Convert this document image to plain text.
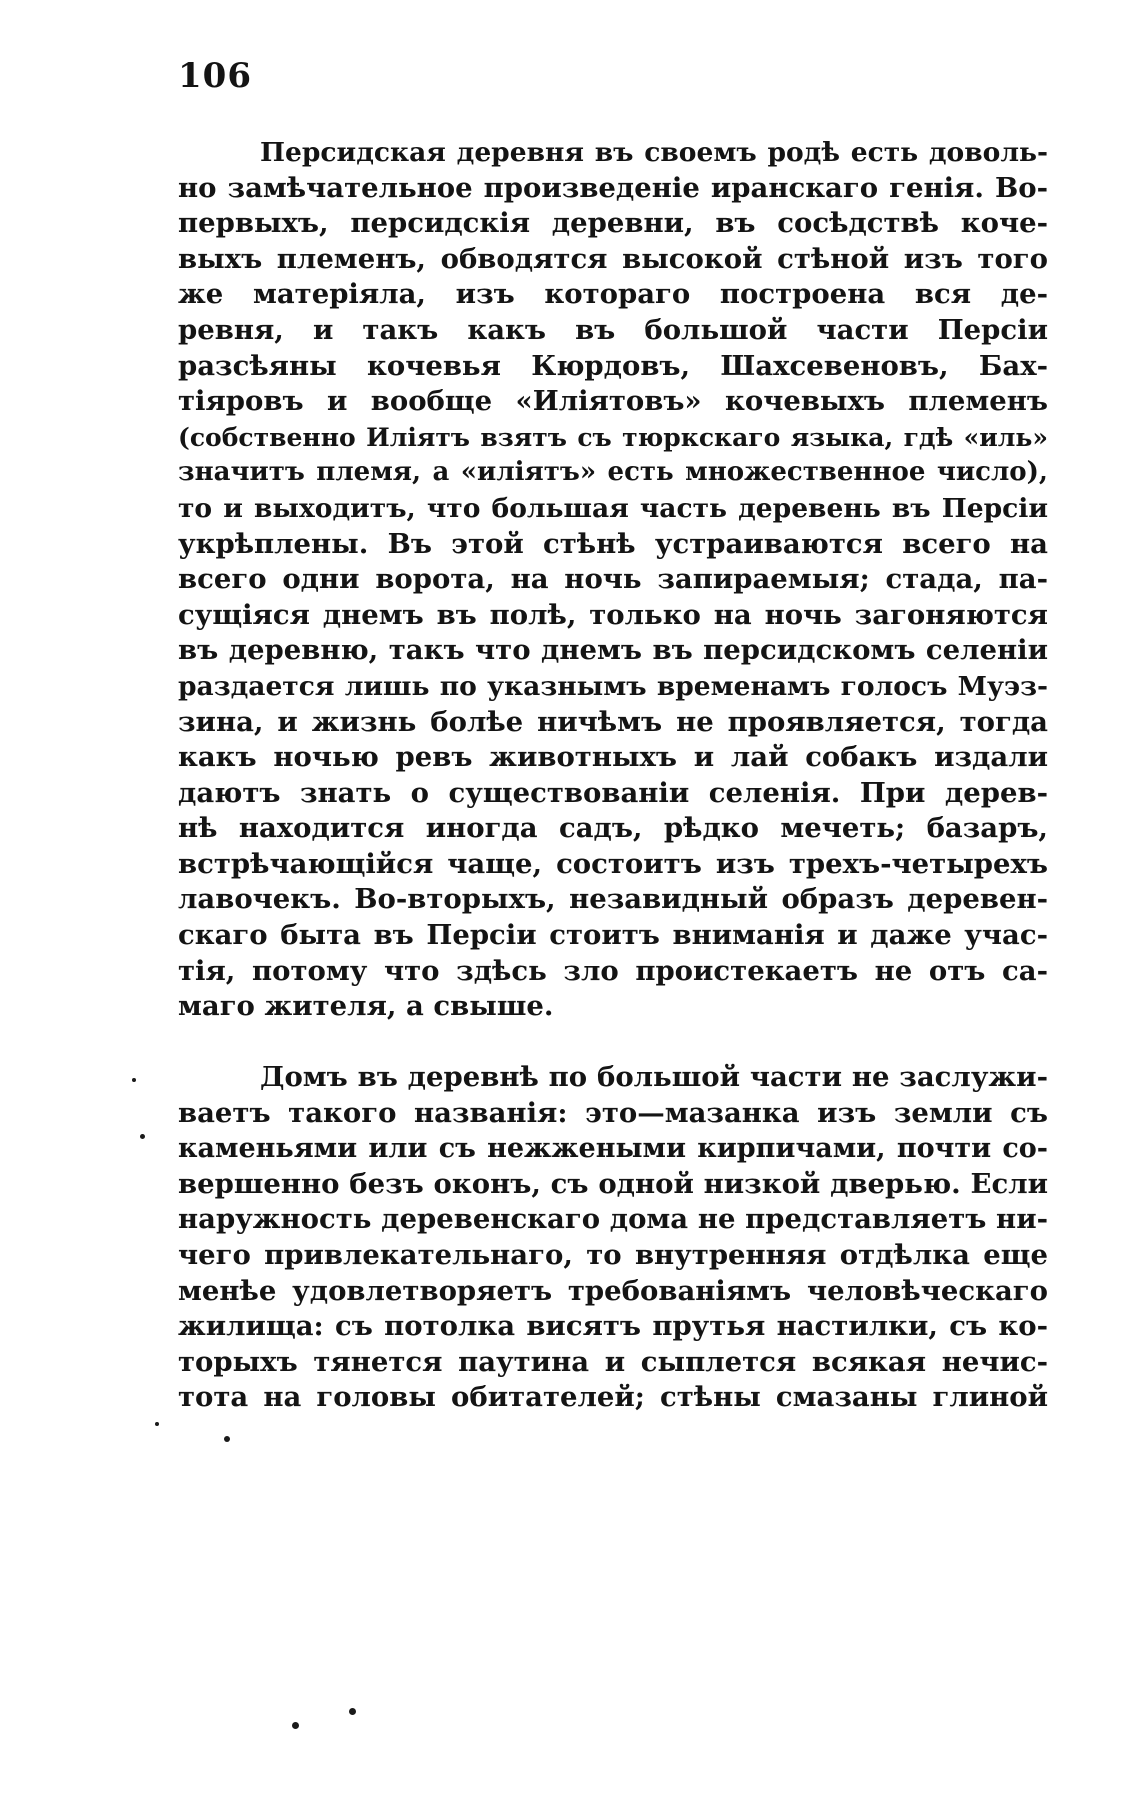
106
Персидская деревня въ своемъ родѣ есть доволь-
но замѣчательное произведеніе иранскаго генія. Во-
первыхъ, персидскія деревни, въ сосѣдствѣ коче-
выхъ племенъ, обводятся высокой стѣной изъ того
же матеріяла, изъ котораго построена вся де-
ревня, и такъ какъ въ большой части Персіи
разсѣяны кочевья Кюрдовъ, Шахсевеновъ, Бах-
тіяровъ и вообще «Иліятовъ» кочевыхъ племенъ
(собственно Иліятъ взятъ съ тюркскаго языка, гдѣ «иль»
значитъ племя, а «иліятъ» есть множественное число),
то и выходитъ, что большая часть деревень въ Персіи
укрѣплены. Въ этой стѣнѣ устраиваются всего на
всего одни ворота, на ночь запираемыя; стада, па-
сущіяся днемъ въ полѣ, только на ночь загоняются
въ деревню, такъ что днемъ въ персидскомъ селеніи
раздается лишь по указнымъ временамъ голосъ Муэз-
зина, и жизнь болѣе ничѣмъ не проявляется, тогда
какъ ночью ревъ животныхъ и лай собакъ издали
даютъ знать о существованіи селенія. При дерев-
нѣ находится иногда садъ, рѣдко мечеть; базаръ,
встрѣчающійся чаще, состоитъ изъ трехъ-четырехъ
лавочекъ. Во-вторыхъ, незавидный образъ деревен-
скаго быта въ Персіи стоитъ вниманія и даже учас-
тія, потому что здѣсь зло проистекаетъ не отъ са-
маго жителя, а свыше.
Домъ въ деревнѣ по большой части не заслужи-
ваетъ такого названія: это—мазанка изъ земли съ
каменьями или съ нежжеными кирпичами, почти со-
вершенно безъ оконъ, съ одной низкой дверью. Если
наружность деревенскаго дома не представляетъ ни-
чего привлекательнаго, то внутренняя отдѣлка еще
менѣе удовлетворяетъ требованіямъ человѣческаго
жилища: съ потолка висятъ прутья настилки, съ ко-
торыхъ тянется паутина и сыплется всякая нечис-
тота на головы обитателей; стѣны смазаны глиной
